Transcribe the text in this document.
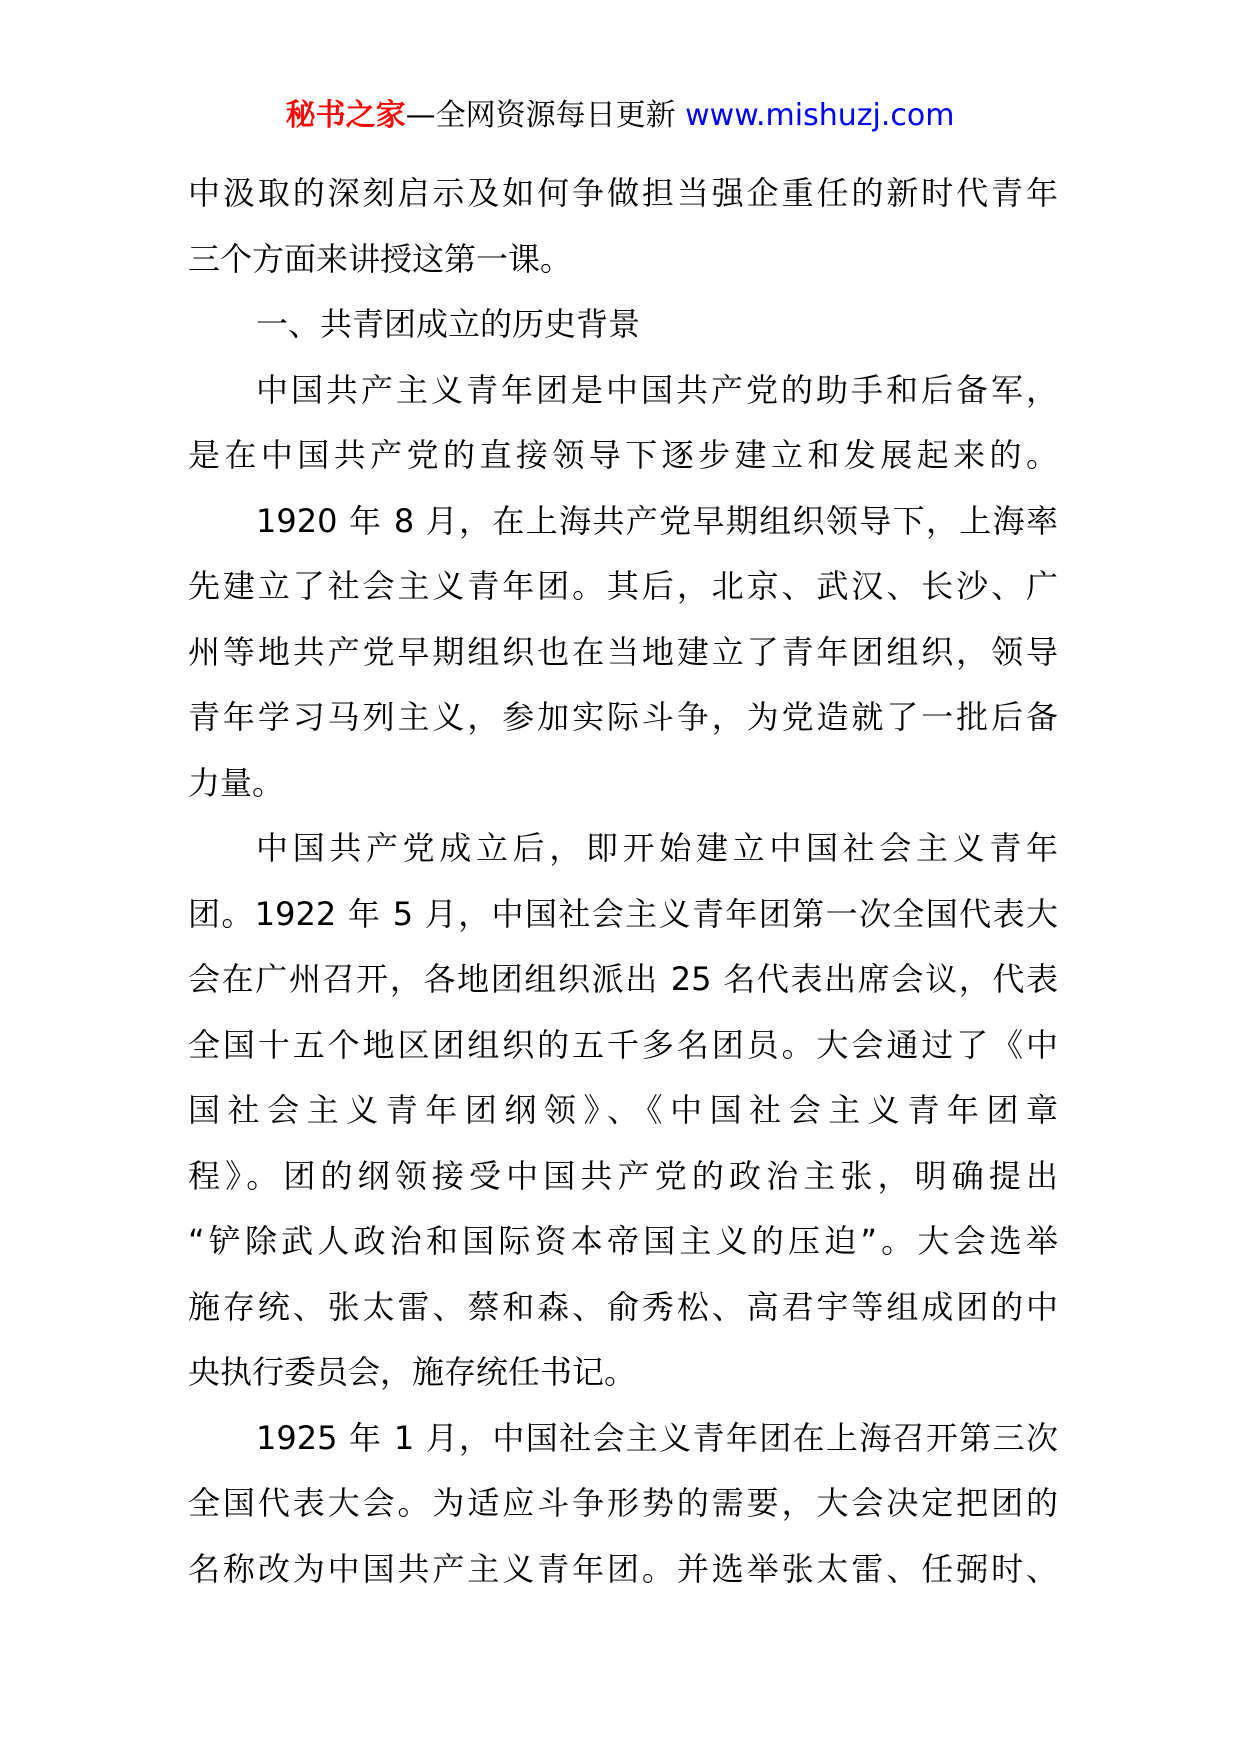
秘书之家—全网资源每日更新 www.mishuzj.com
中汲取的深刻启示及如何争做担当强企重任的新时代青年
三个方面来讲授这第一课。
一、共青团成立的历史背景
中国共产主义青年团是中国共产党的助手和后备军，
是在中国共产党的直接领导下逐步建立和发展起来的。
1920 年 8 月，在上海共产党早期组织领导下，上海率
先建立了社会主义青年团。其后，北京、武汉、长沙、广
州等地共产党早期组织也在当地建立了青年团组织，领导
青年学习马列主义，参加实际斗争，为党造就了一批后备
力量。
中国共产党成立后，即开始建立中国社会主义青年
团。1922 年 5 月，中国社会主义青年团第一次全国代表大
会在广州召开，各地团组织派出 25 名代表出席会议，代表
全国十五个地区团组织的五千多名团员。大会通过了《中
国社会主义青年团纲领》、《中国社会主义青年团章
程》。团的纲领接受中国共产党的政治主张，明确提出
“铲除武人政治和国际资本帝国主义的压迫”。大会选举
施存统、张太雷、蔡和森、俞秀松、高君宇等组成团的中
央执行委员会，施存统任书记。
1925 年 1 月，中国社会主义青年团在上海召开第三次
全国代表大会。为适应斗争形势的需要，大会决定把团的
名称改为中国共产主义青年团。并选举张太雷、任弼时、
